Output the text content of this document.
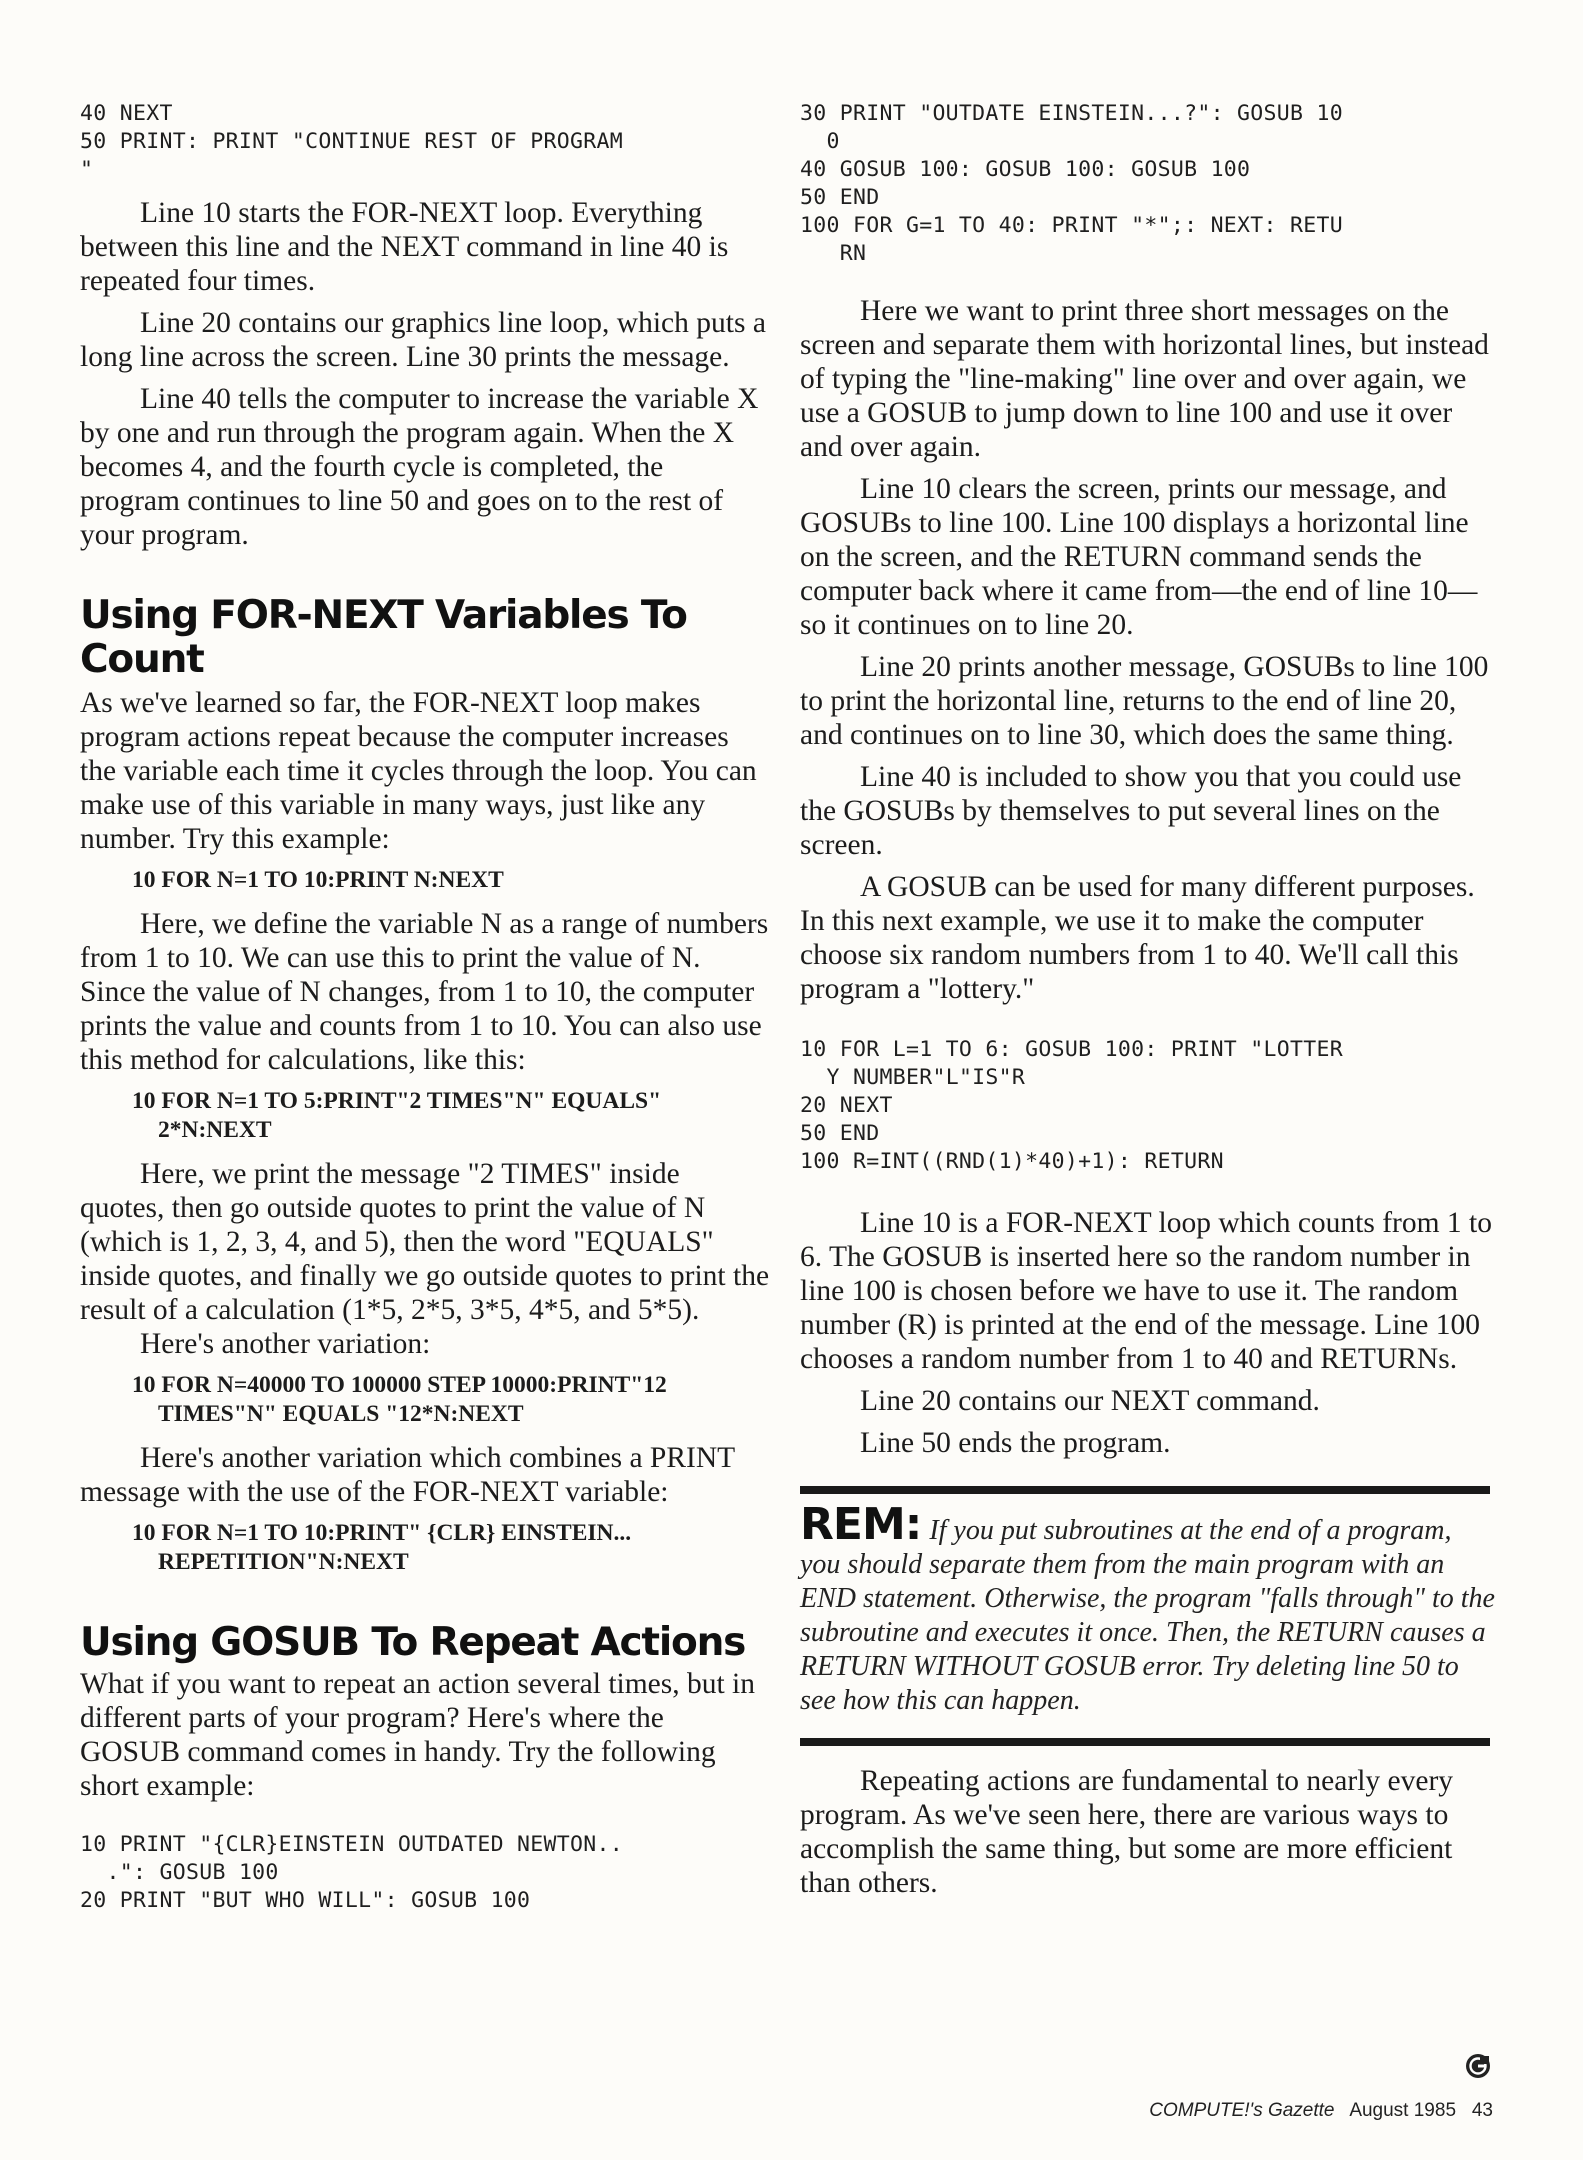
40 NEXT
50 PRINT: PRINT "CONTINUE REST OF PROGRAM
"

Line 10 starts the FOR-NEXT loop. Everything between this line and the NEXT command in line 40 is repeated four times.

Line 20 contains our graphics line loop, which puts a long line across the screen. Line 30 prints the message.

Line 40 tells the computer to increase the variable X by one and run through the program again. When the X becomes 4, and the fourth cycle is completed, the program continues to line 50 and goes on to the rest of your program.

Using FOR-NEXT Variables To Count

As we've learned so far, the FOR-NEXT loop makes program actions repeat because the computer increases the variable each time it cycles through the loop. You can make use of this variable in many ways, just like any number. Try this example:

10 FOR N=1 TO 10:PRINT N:NEXT

Here, we define the variable N as a range of numbers from 1 to 10. We can use this to print the value of N. Since the value of N changes, from 1 to 10, the computer prints the value and counts from 1 to 10. You can also use this method for calculations, like this:

10 FOR N=1 TO 5:PRINT"2 TIMES"N" EQUALS" 2*N:NEXT

Here, we print the message "2 TIMES" inside quotes, then go outside quotes to print the value of N (which is 1, 2, 3, 4, and 5), then the word "EQUALS" inside quotes, and finally we go outside quotes to print the result of a calculation (1*5, 2*5, 3*5, 4*5, and 5*5).

Here's another variation:

10 FOR N=40000 TO 100000 STEP 10000:PRINT"12 TIMES"N" EQUALS "12*N:NEXT

Here's another variation which combines a PRINT message with the use of the FOR-NEXT variable:

10 FOR N=1 TO 10:PRINT" {CLR} EINSTEIN... REPETITION"N:NEXT
Using GOSUB To Repeat Actions

What if you want to repeat an action several times, but in different parts of your program? Here's where the GOSUB command comes in handy. Try the following short example:

10 PRINT "{CLR}EINSTEIN OUTDATED NEWTON..
.": GOSUB 100
20 PRINT "BUT WHO WILL": GOSUB 100
30 PRINT "OUTDATE EINSTEIN...?": GOSUB 10
0
40 GOSUB 100: GOSUB 100: GOSUB 100
50 END
100 FOR G=1 TO 40: PRINT "*";: NEXT: RETU
RN

Here we want to print three short messages on the screen and separate them with horizontal lines, but instead of typing the "line-making" line over and over again, we use a GOSUB to jump down to line 100 and use it over and over again.

Line 10 clears the screen, prints our message, and GOSUBs to line 100. Line 100 displays a horizontal line on the screen, and the RETURN command sends the computer back where it came from—the end of line 10—so it continues on to line 20.

Line 20 prints another message, GOSUBs to line 100 to print the horizontal line, returns to the end of line 20, and continues on to line 30, which does the same thing.

Line 40 is included to show you that you could use the GOSUBs by themselves to put several lines on the screen.

A GOSUB can be used for many different purposes. In this next example, we use it to make the computer choose six random numbers from 1 to 40. We'll call this program a "lottery."

10 FOR L=1 TO 6: GOSUB 100: PRINT "LOTTER
Y NUMBER"L"IS"R
20 NEXT
50 END
100 R=INT((RND(1)*40)+1): RETURN

Line 10 is a FOR-NEXT loop which counts from 1 to 6. The GOSUB is inserted here so the random number in line 100 is chosen before we have to use it. The random number (R) is printed at the end of the message. Line 100 chooses a random number from 1 to 40 and RETURNs.

Line 20 contains our NEXT command.

Line 50 ends the program.

REM: If you put subroutines at the end of a program, you should separate them from the main program with an END statement. Otherwise, the program "falls through" to the subroutine and executes it once. Then, the RETURN causes a RETURN WITHOUT GOSUB error. Try deleting line 50 to see how this can happen.

Repeating actions are fundamental to nearly every program. As we've seen here, there are various ways to accomplish the same thing, but some are more efficient than others.

COMPUTE!'s Gazette August 1985 43
